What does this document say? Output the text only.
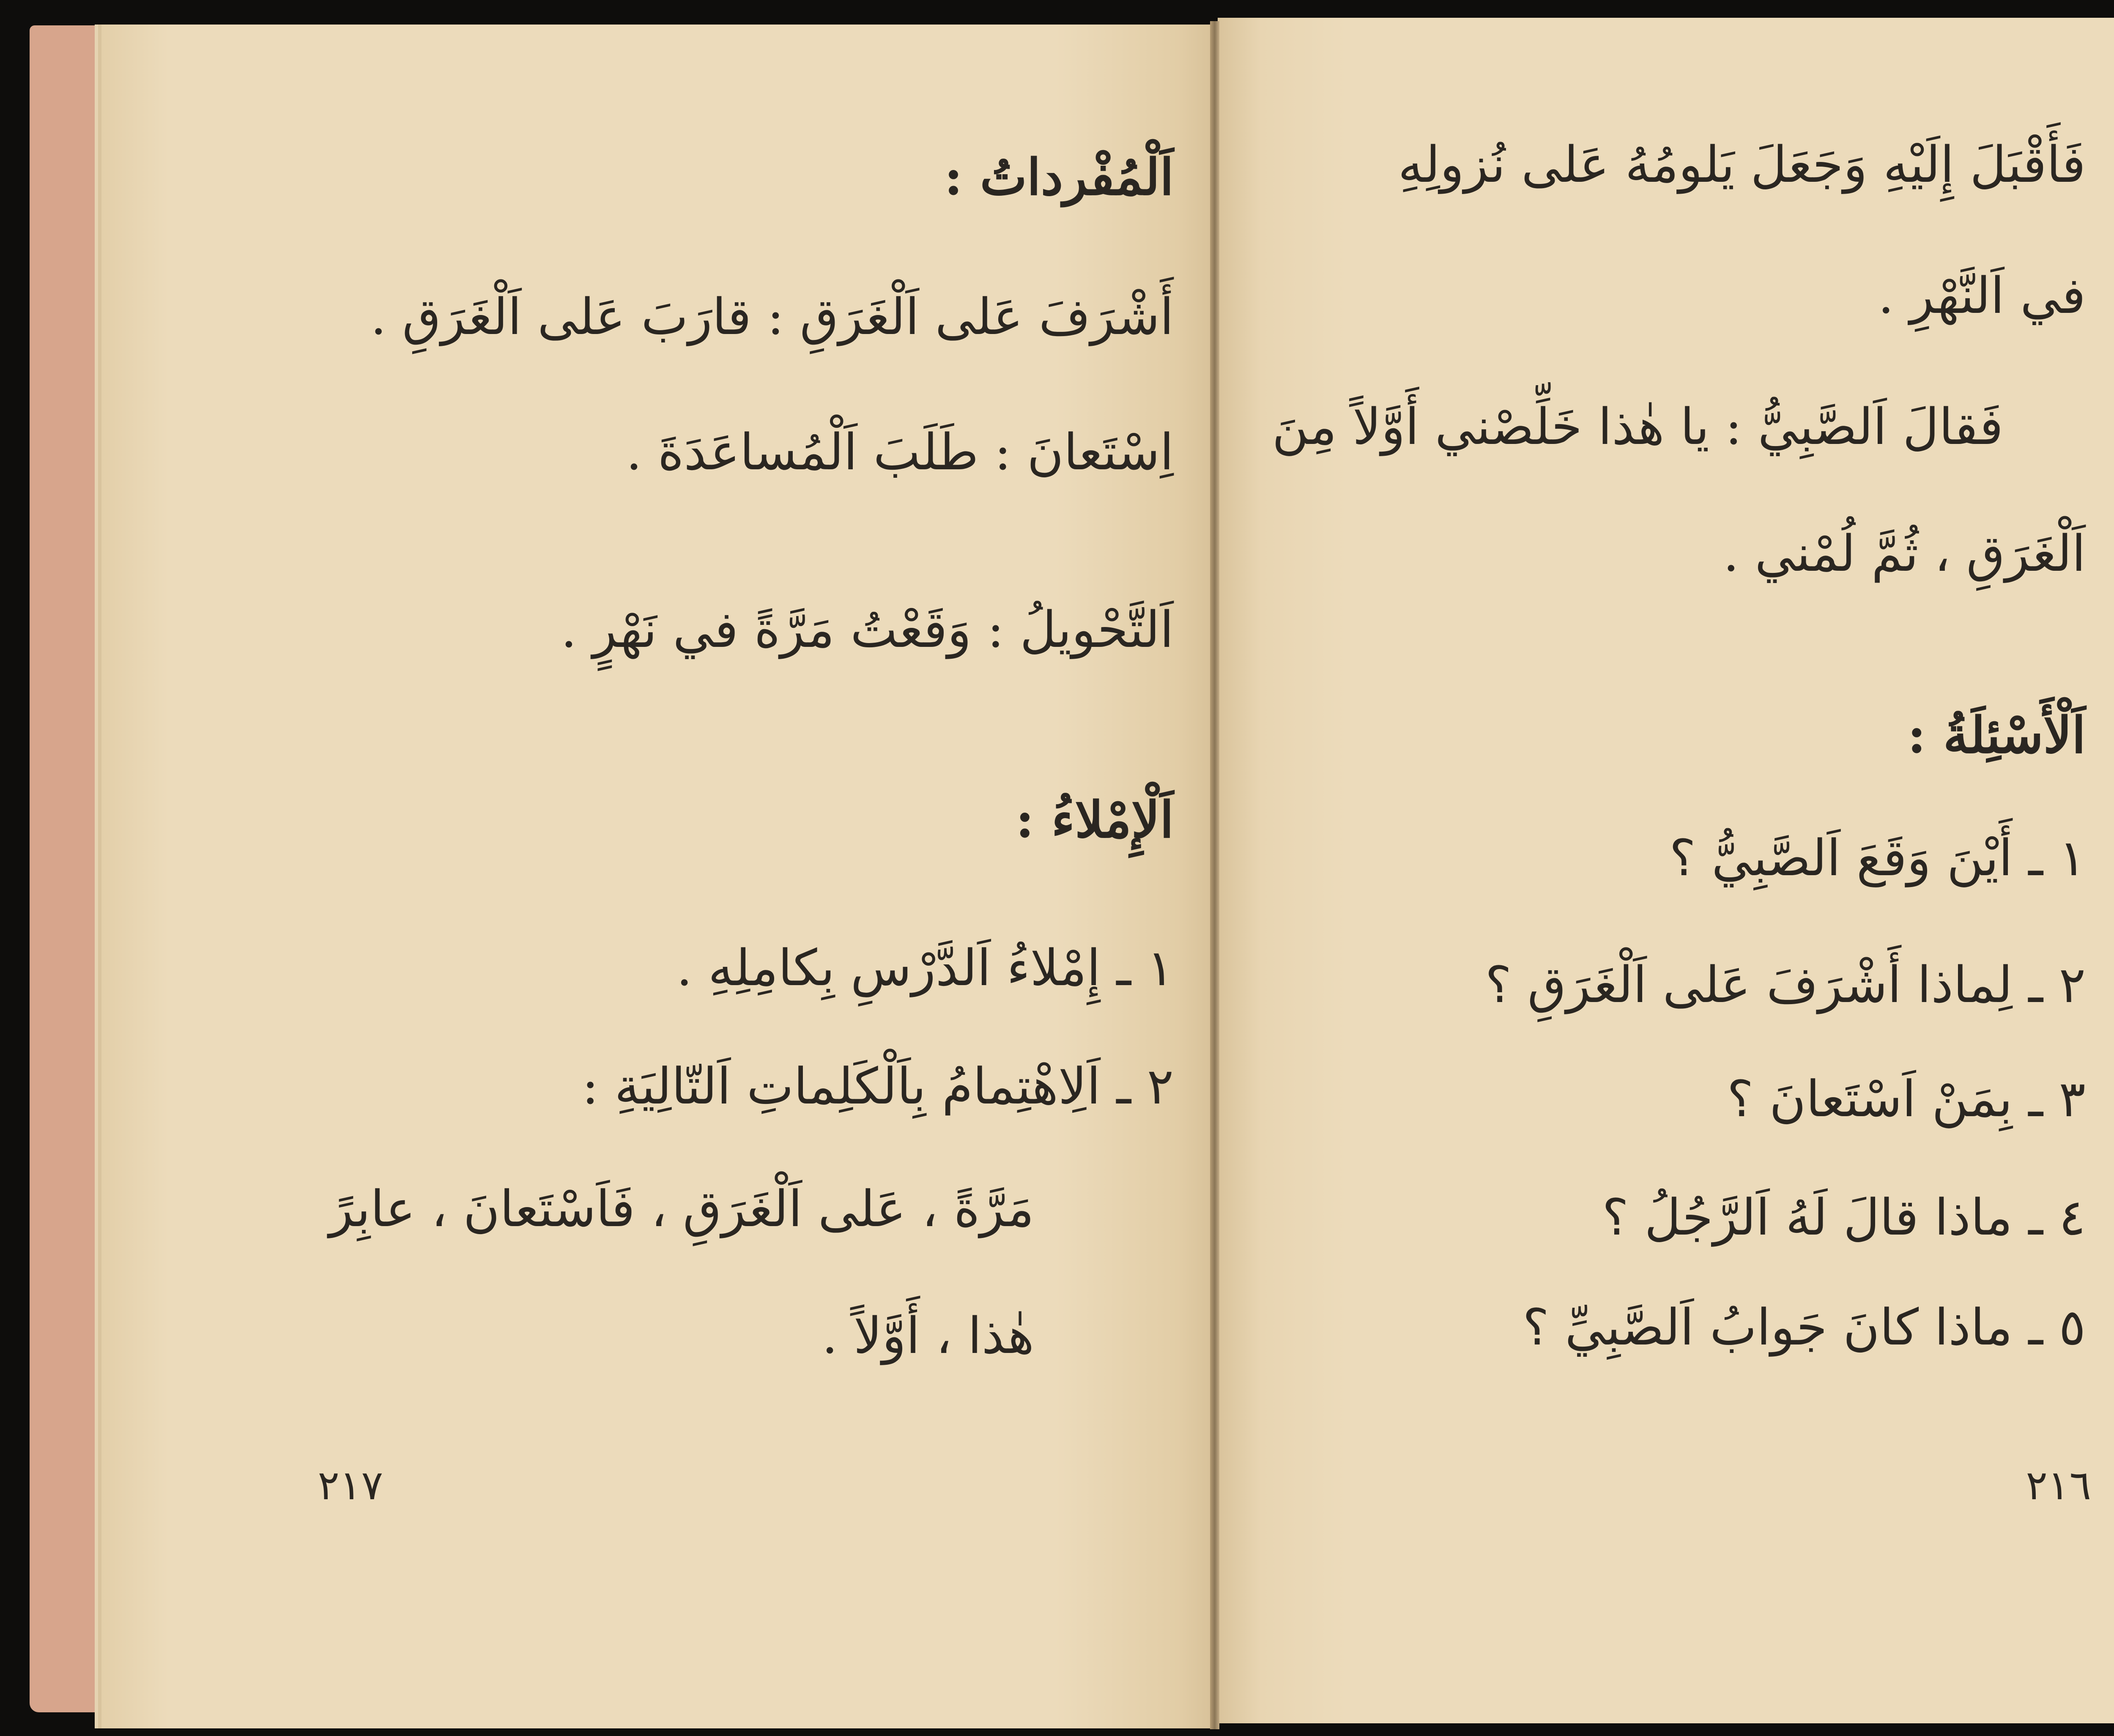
اَلْمُفْرداتُ :
أَشْرَفَ عَلى اَلْغَرَقِ : قارَبَ عَلى اَلْغَرَقِ .
اِسْتَعانَ : طَلَبَ اَلْمُساعَدَةَ .
اَلتَّحْويلُ : وَقَعْتُ مَرَّةً في نَهْرٍ .
اَلْإِمْلاءُ :
١ ـ إِمْلاءُ اَلدَّرْسِ بِكامِلِهِ .
٢ ـ اَلِاهْتِمامُ بِاَلْكَلِماتِ اَلتّالِيَةِ :
مَرَّةً ، عَلى اَلْغَرَقِ ، فَاَسْتَعانَ ، عابِرً
هٰذا ، أَوَّلاً .
٢١٧
فَأَقْبَلَ إِلَيْهِ وَجَعَلَ يَلومُهُ عَلى نُزولِهِ
في اَلنَّهْرِ .
فَقالَ اَلصَّبِيُّ : يا هٰذا خَلِّصْني أَوَّلاً مِنَ
اَلْغَرَقِ ، ثُمَّ لُمْني .
اَلْأَسْئِلَةُ :
١ ـ أَيْنَ وَقَعَ اَلصَّبِيُّ ؟
٢ ـ لِماذا أَشْرَفَ عَلى اَلْغَرَقِ ؟
٣ ـ بِمَنْ اَسْتَعانَ ؟
٤ ـ ماذا قالَ لَهُ اَلرَّجُلُ ؟
٥ ـ ماذا كانَ جَوابُ اَلصَّبِيِّ ؟
٢١٦
